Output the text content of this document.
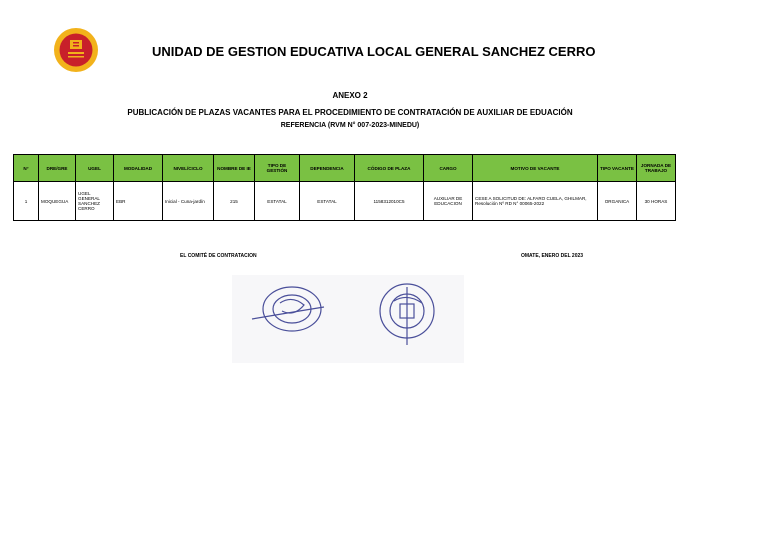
UNIDAD DE GESTION EDUCATIVA LOCAL GENERAL SANCHEZ CERRO
ANEXO 2
PUBLICACIÓN DE PLAZAS VACANTES PARA EL PROCEDIMIENTO DE CONTRATACIÓN DE AUXILIAR DE EDUACIÓN
REFERENCIA (RVM N° 007-2023-MINEDU)
N°	DRE/GRE	UGEL	MODALIDAD	NIVEL/CICLO	NOMBRE DE IE	TIPO DE GESTIÓN	DEPENDENCIA	CÓDIGO DE PLAZA	CARGO	MOTIVO DE VACANTE	TIPO VACANTE	JORNADA DE TRABAJO
1	MOQUEGUA	UGEL GENERAL SANCHEZ CERRO	EBR	Inicial - Cuna-jardín	215	ESTATAL	ESTATAL	1158312010C5	AUXILIAR DE EDUCACION	CESE A SOLICITUD DE: ALFARO CUELA, GHILMAR, Resolución Nº RD N° 00065-2022	ORGANICA	30 HORAS
EL COMITÉ DE CONTRATACION	OMATE, ENERO DEL 2023
